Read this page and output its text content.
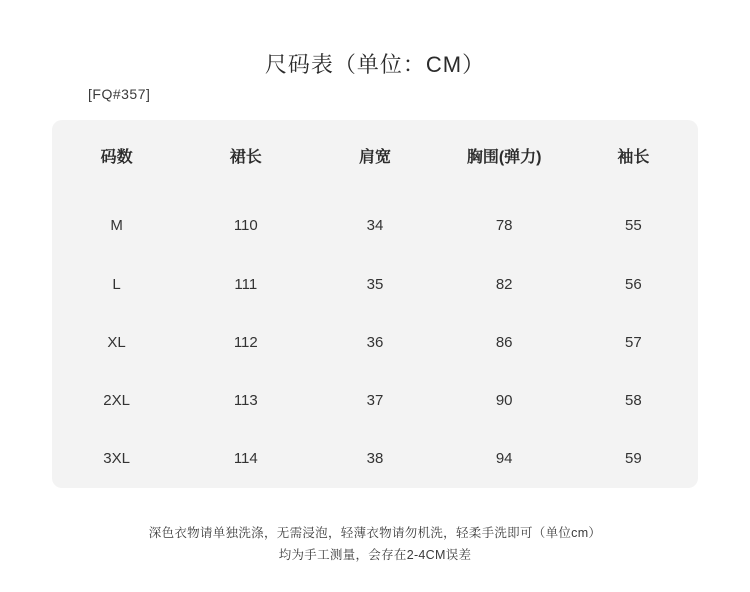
尺码表（单位：CM）
[FQ#357]
码数	裙长	肩宽	胸围(弹力)	袖长
M	110	34	78	55
L	111	35	82	56
XL	112	36	86	57
2XL	113	37	90	58
3XL	114	38	94	59
深色衣物请单独洗涤，无需浸泡，轻薄衣物请勿机洗，轻柔手洗即可（单位cm）
均为手工测量，会存在2-4CM误差
